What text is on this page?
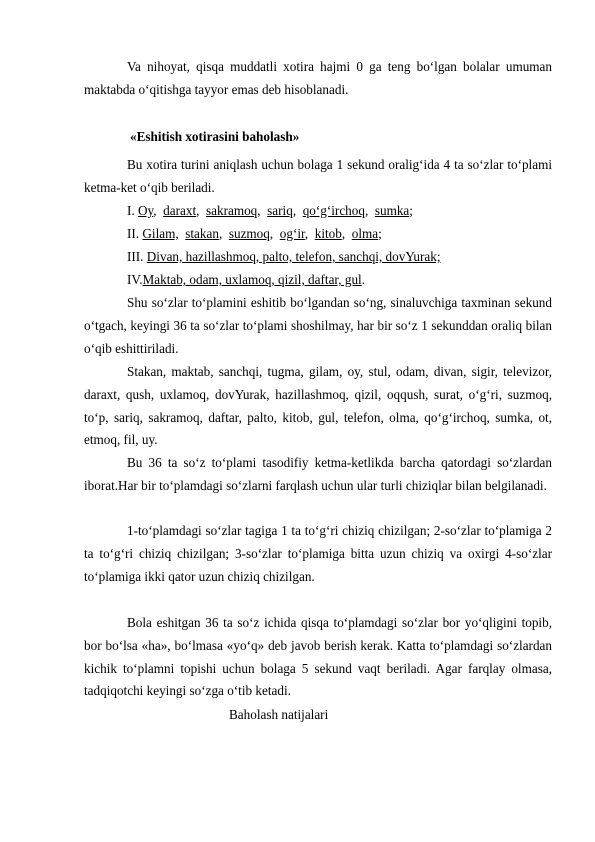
Va nihoyat, qisqa muddatli xotira hajmi 0 ga teng bo‘lgan bolalar umuman maktabda o‘qitishga tayyor emas deb hisoblanadi.

«Eshitish xotirasini baholash»

Bu xotira turini aniqlash uchun bolaga 1 sekund oralig‘ida 4 ta so‘zlar to‘plami ketma-ket o‘qib beriladi.

I. Oy,  daraxt,  sakramoq,  sariq,  qo‘g‘irchoq,  sumka;
II. Gilam, stakan,  suzmoq,  og‘ir,  kitob,  olma;
III. Divan, hazillashmoq, palto, telefon, sanchqi, dovYurak;
IV.Maktab, odam, uxlamoq, qizil, daftar, gul.

Shu so‘zlar to‘plamini eshitib bo‘lgandan so‘ng, sinaluvchiga taxminan sekund o‘tgach, keyingi 36 ta so‘zlar to‘plami shoshilmay, har bir so‘z 1 sekunddan oraliq bilan o‘qib eshittiriladi.

Stakan, maktab, sanchqi, tugma, gilam, oy, stul, odam, divan, sigir, televizor, daraxt, qush, uxlamoq, dovYurak, hazillashmoq, qizil, oqqush, surat, o‘g‘ri, suzmoq, to‘p, sariq, sakramoq, daftar, palto, kitob, gul, telefon, olma, qo‘g‘irchoq, sumka, ot, etmoq, fil, uy.

Bu 36 ta so‘z to‘plami tasodifiy ketma-ketlikda barcha qatordagi so‘zlardan iborat.Har bir to‘plamdagi so‘zlarni farqlash uchun ular turli chiziqlar bilan belgilanadi.

1-to‘plamdagi so‘zlar tagiga 1 ta to‘g‘ri chiziq chizilgan; 2-so‘zlar to‘plamiga 2 ta to‘g‘ri chiziq chizilgan; 3-so‘zlar to‘plamiga bitta uzun chiziq va oxirgi 4-so‘zlar to‘plamiga ikki qator uzun chiziq chizilgan.

Bola eshitgan 36 ta so‘z ichida qisqa to‘plamdagi so‘zlar bor yo‘qligini topib, bor bo‘lsa «ha», bo‘lmasa «yo‘q» deb javob berish kerak. Katta to‘plamdagi so‘zlardan kichik to‘plamni topishi uchun bolaga 5 sekund vaqt beriladi. Agar farqlay olmasa, tadqiqotchi keyingi so‘zga o‘tib ketadi.

Baholash natijalari
